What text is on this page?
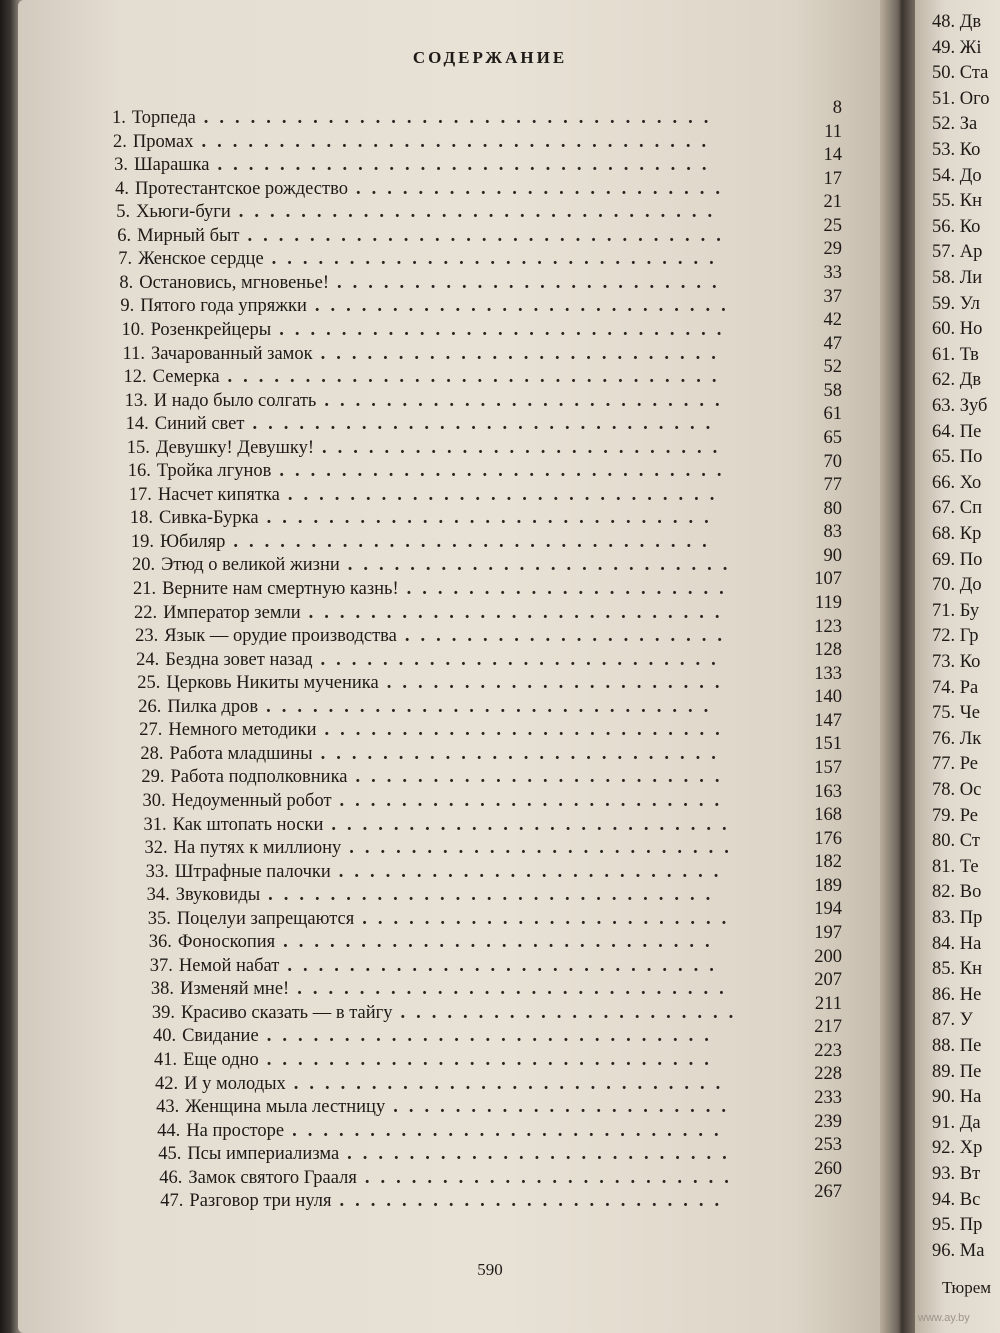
СОДЕРЖАНИЕ
1. Торпеда .................................	8
2. Промах .................................	11
3. Шарашка ................................	14
4. Протестантское рождество ........................	17
5. Хьюги-буги ...............................	21
6. Мирный быт ...............................	25
7. Женское сердце .............................	29
8. Остановись, мгновенье! .........................	33
9. Пятого года упряжки ...........................	37
10. Розенкрейцеры .............................	42
11. Зачарованный замок ..........................	47
12. Семерка ................................	52
13. И надо было солгать ..........................	58
14. Синий свет ..............................	61
15. Девушку! Девушку! ..........................	65
16. Тройка лгунов .............................	70
17. Насчет кипятка ............................	77
18. Сивка-Бурка .............................	80
19. Юбиляр ...............................	83
20. Этюд о великой жизни .........................	90
21. Верните нам смертную казнь! .....................	107
22. Император земли ...........................	119
23. Язык — орудие производства .....................	123
24. Бездна зовет назад ..........................	128
25. Церковь Никиты мученика ......................	133
26. Пилка дров .............................	140
27. Немного методики ..........................	147
28. Работа младшины ..........................	151
29. Работа подполковника ........................	157
30. Недоуменный робот .........................	163
31. Как штопать носки ..........................	168
32. На путях к миллиону .........................	176
33. Штрафные палочки .........................	182
34. Звуковиды .............................	189
35. Поцелуи запрещаются ........................	194
36. Фоноскопия ............................	197
37. Немой набат ............................	200
38. Изменяй мне! ............................	207
39. Красиво сказать — в тайгу ......................	211
40. Свидание .............................	217
41. Еще одно .............................	223
42. И у молодых ............................	228
43. Женщина мыла лестницу ......................	233
44. На просторе ............................	239
45. Псы империализма .........................	253
46. Замок святого Грааля ........................	260
47. Разговор три нуля .........................	267
48. Дв
49. Жі
50. Ста
51. Ого
52. За
53. Ко
54. До
55. Кн
56. Ко
57. Ар
58. Ли
59. Ул
60. Но
61. Тв
62. Дв
63. Зуб
64. Пе
65. По
66. Хо
67. Сп
68. Кр
69. По
70. До
71. Бу
72. Гр
73. Ко
74. Ра
75. Че
76. Лк
77. Ре
78. Ос
79. Ре
80. Ст
81. Те
82. Во
83. Пр
84. На
85. Кн
86. Не
87. У
88. Пе
89. Пе
90. На
91. Да
92. Хр
93. Вт
94. Вс
95. Пр
96. Ма
590
Тюрем
www.ay.by
